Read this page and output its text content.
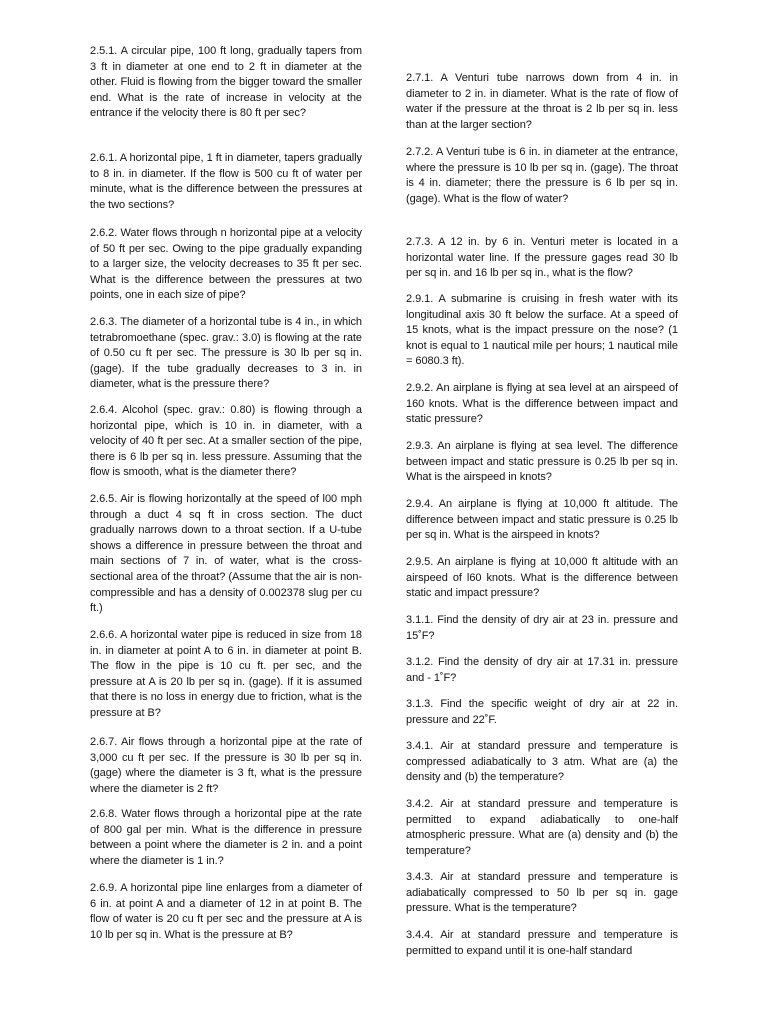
2.5.1. A circular pipe, 100 ft long, gradually tapers from 3 ft in diameter at one end to 2 ft in diameter at the other. Fluid is flowing from the bigger toward the smaller end. What is the rate of increase in velocity at the entrance if the velocity there is 80 ft per sec?

2.6.1. A horizontal pipe, 1 ft in diameter, tapers gradually to 8 in. in diameter. If the flow is 500 cu ft of water per minute, what is the difference between the pressures at the two sections?

2.6.2. Water flows through n horizontal pipe at a velocity of 50 ft per sec. Owing to the pipe gradually expanding to a larger size, the velocity decreases to 35 ft per sec. What is the difference between the pressures at two points, one in each size of pipe?

2.6.3. The diameter of a horizontal tube is 4 in., in which tetrabromoethane (spec. grav.: 3.0) is flowing at the rate of 0.50 cu ft per sec. The pressure is 30 lb per sq in. (gage). If the tube gradually decreases to 3 in. in diameter, what is the pressure there?

2.6.4. Alcohol (spec. grav.: 0.80) is flowing through a horizontal pipe, which is 10 in. in diameter, with a velocity of 40 ft per sec. At a smaller section of the pipe, there is 6 lb per sq in. less pressure. Assuming that the flow is smooth, what is the diameter there?

2.6.5. Air is flowing horizontally at the speed of l00 mph through a duct 4 sq ft in cross section. The duct gradually narrows down to a throat section. If a U-tube shows a difference in pressure between the throat and main sections of 7 in. of water, what is the cross-sectional area of the throat? (Assume that the air is non-compressible and has a density of 0.002378 slug per cu ft.)

2.6.6. A horizontal water pipe is reduced in size from 18 in. in diameter at point A to 6 in. in diameter at point B. The flow in the pipe is 10 cu ft. per sec, and the pressure at A is 20 lb per sq in. (gage). If it is assumed that there is no loss in energy due to friction, what is the pressure at B?

2.6.7. Air flows through a horizontal pipe at the rate of 3,000 cu ft per sec. If the pressure is 30 lb per sq in. (gage) where the diameter is 3 ft, what is the pressure where the diameter is 2 ft?

2.6.8. Water flows through a horizontal pipe at the rate of 800 gal per min. What is the difference in pressure between a point where the diameter is 2 in. and a point where the diameter is 1 in.?

2.6.9. A horizontal pipe line enlarges from a diameter of 6 in. at point A and a diameter of 12 in at point B. The flow of water is 20 cu ft per sec and the pressure at A is 10 lb per sq in. What is the pressure at B?

2.7.1. A Venturi tube narrows down from 4 in. in diameter to 2 in. in diameter. What is the rate of flow of water if the pressure at the throat is 2 lb per sq in. less than at the larger section?

2.7.2. A Venturi tube is 6 in. in diameter at the entrance, where the pressure is 10 lb per sq in. (gage). The throat is 4 in. diameter; there the pressure is 6 lb per sq in. (gage). What is the flow of water?

2.7.3. A 12 in. by 6 in. Venturi meter is located in a horizontal water line. If the pressure gages read 30 lb per sq in. and 16 lb per sq in., what is the flow?

2.9.1. A submarine is cruising in fresh water with its longitudinal axis 30 ft below the surface. At a speed of 15 knots, what is the impact pressure on the nose? (1 knot is equal to 1 nautical mile per hours; 1 nautical mile = 6080.3 ft).

2.9.2. An airplane is flying at sea level at an airspeed of 160 knots. What is the difference between impact and static pressure?

2.9.3. An airplane is flying at sea level. The difference between impact and static pressure is 0.25 lb per sq in. What is the airspeed in knots?

2.9.4. An airplane is flying at 10,000 ft altitude. The difference between impact and static pressure is 0.25 lb per sq in. What is the airspeed in knots?

2.9.5. An airplane is flying at 10,000 ft altitude with an airspeed of l60 knots. What is the difference between static and impact pressure?

3.1.1. Find the density of dry air at 23 in. pressure and 15˚F?

3.1.2. Find the density of dry air at 17.31 in. pressure and - 1˚F?

3.1.3. Find the specific weight of dry air at 22 in. pressure and 22˚F.

3.4.1. Air at standard pressure and temperature is compressed adiabatically to 3 atm. What are (a) the density and (b) the temperature?

3.4.2. Air at standard pressure and temperature is permitted to expand adiabatically to one-half atmospheric pressure. What are (a) density and (b) the temperature?

3.4.3. Air at standard pressure and temperature is adiabatically compressed to 50 lb per sq in. gage pressure. What is the temperature?

3.4.4. Air at standard pressure and temperature is permitted to expand until it is one-half standard
